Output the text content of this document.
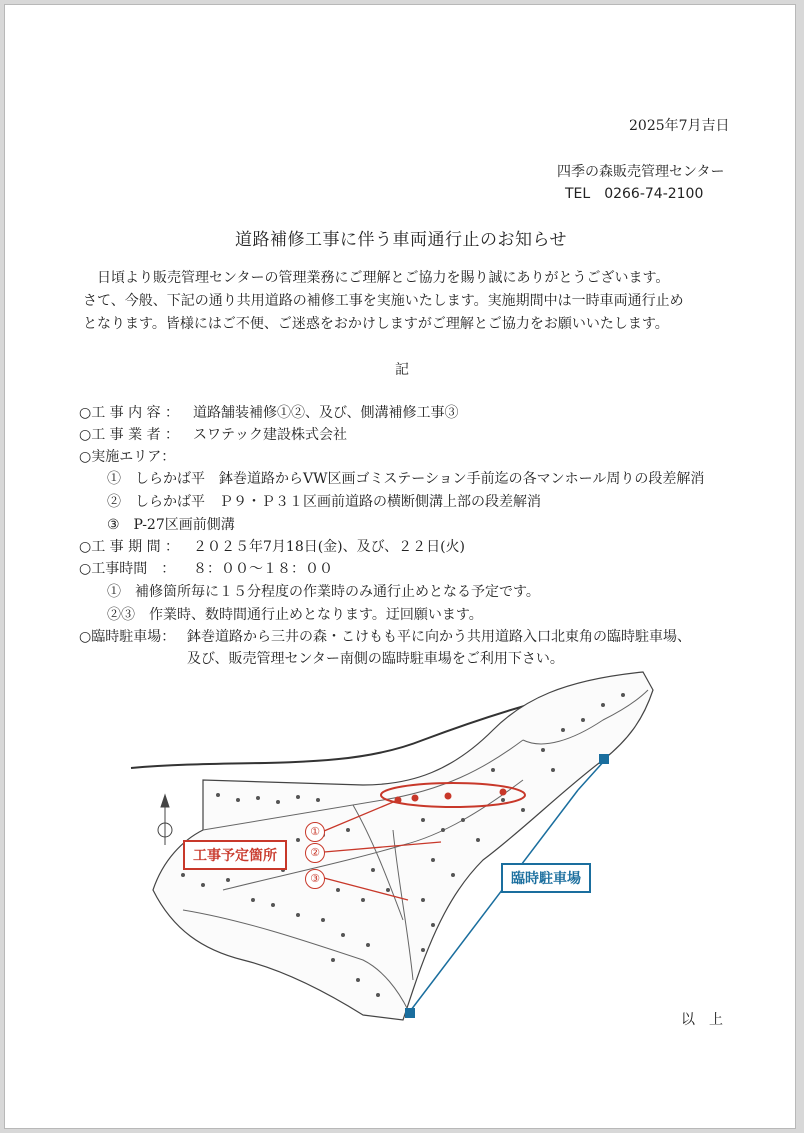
2025年7月吉日
四季の森販売管理センター
TEL　0266-74-2100
道路補修工事に伴う車両通行止のお知らせ
　日頃より販売管理センターの管理業務にご理解とご協力を賜り誠にありがとうございます。
さて、今般、下記の通り共用道路の補修工事を実施いたします。実施期間中は一時車両通行止め
となります。皆様にはご不便、ご迷惑をおかけしますがご理解とご協力をお願いいたします。
記
○工 事 内 容 ： 道路舗装補修①②、及び、側溝補修工事③
○工 事 業 者 ： スワテック建設株式会社
○実施エリア：
①　しらかば平　鉢巻道路からVW区画ゴミステーション手前迄の各マンホール周りの段差解消
②　しらかば平　Ｐ９・Ｐ３１区画前道路の横断側溝上部の段差解消
③　P-27区画前側溝
○工 事 期 間 ： ２０２５年7月18日(金)、及び、２２日(火)
○工事時間　： ８：００～１８：００
①　補修箇所毎に１５分程度の作業時のみ通行止めとなる予定です。
②③　作業時、数時間通行止めとなります。迂回願います。
○臨時駐車場： 鉢巻道路から三井の森・こけもも平に向かう共用道路入口北東角の臨時駐車場、
及び、販売管理センター南側の臨時駐車場をご利用下さい。
工事予定箇所
臨時駐車場
①
②
③
以　上
